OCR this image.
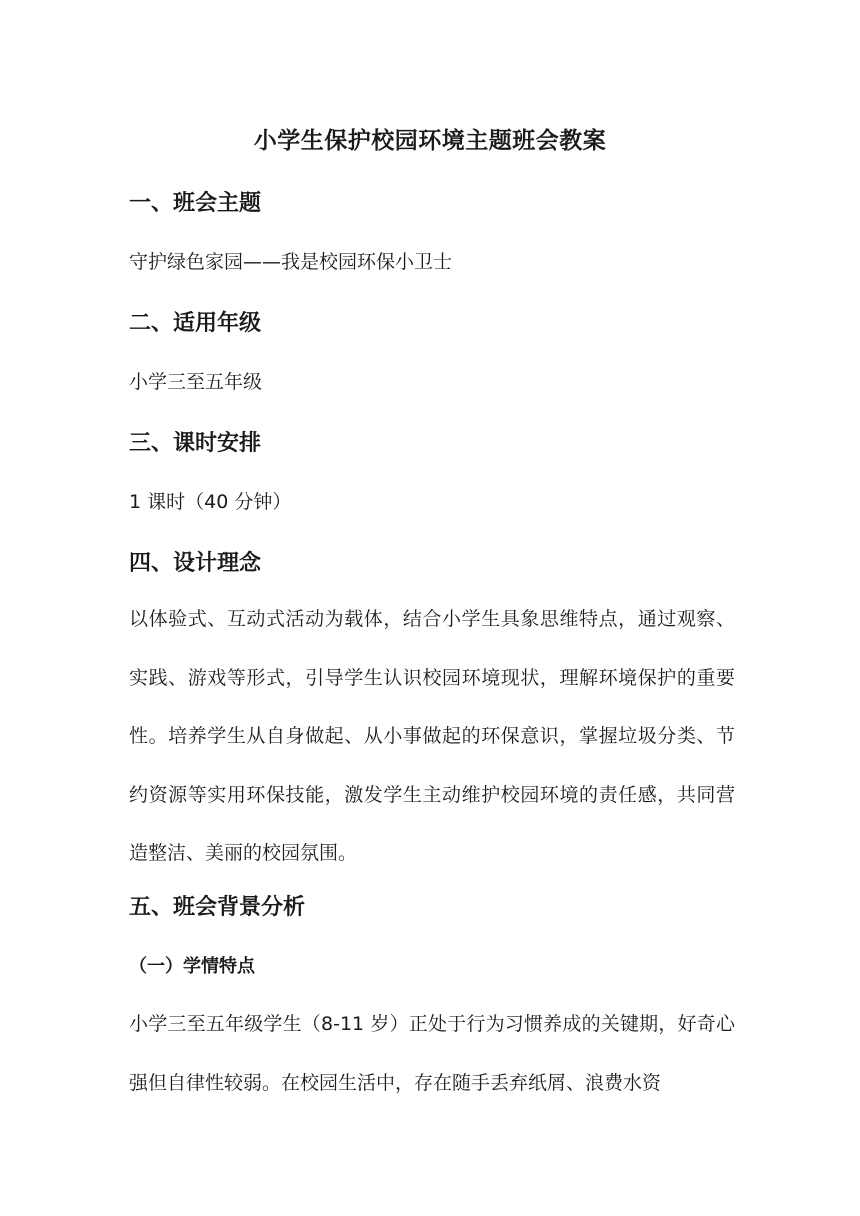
小学生保护校园环境主题班会教案
一、班会主题
守护绿色家园——我是校园环保小卫士
二、适用年级
小学三至五年级
三、课时安排
1 课时（40 分钟）
四、设计理念
以体验式、互动式活动为载体，结合小学生具象思维特点，通过观察、实践、游戏等形式，引导学生认识校园环境现状，理解环境保护的重要性。培养学生从自身做起、从小事做起的环保意识，掌握垃圾分类、节约资源等实用环保技能，激发学生主动维护校园环境的责任感，共同营造整洁、美丽的校园氛围。
五、班会背景分析
（一）学情特点
小学三至五年级学生（8-11 岁）正处于行为习惯养成的关键期，好奇心强但自律性较弱。在校园生活中，存在随手丢弃纸屑、浪费水资
